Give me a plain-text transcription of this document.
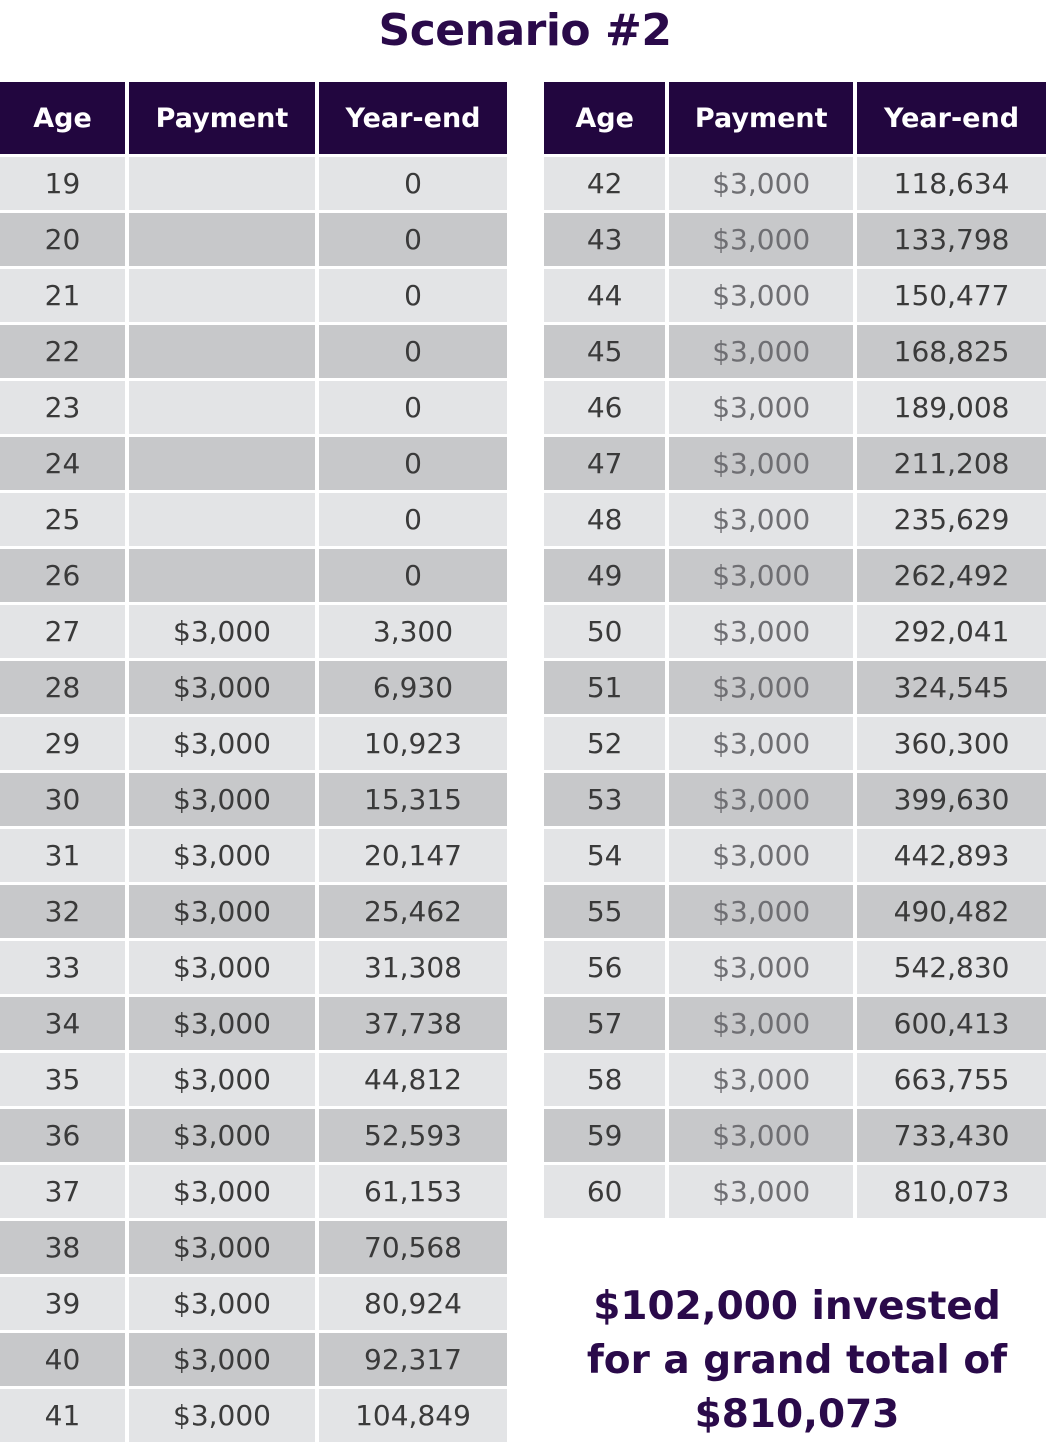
Scenario #2
Age	Payment	Year-end
19		0
20		0
21		0
22		0
23		0
24		0
25		0
26		0
27	$3,000	3,300
28	$3,000	6,930
29	$3,000	10,923
30	$3,000	15,315
31	$3,000	20,147
32	$3,000	25,462
33	$3,000	31,308
34	$3,000	37,738
35	$3,000	44,812
36	$3,000	52,593
37	$3,000	61,153
38	$3,000	70,568
39	$3,000	80,924
40	$3,000	92,317
41	$3,000	104,849
Age	Payment	Year-end
42	$3,000	118,634
43	$3,000	133,798
44	$3,000	150,477
45	$3,000	168,825
46	$3,000	189,008
47	$3,000	211,208
48	$3,000	235,629
49	$3,000	262,492
50	$3,000	292,041
51	$3,000	324,545
52	$3,000	360,300
53	$3,000	399,630
54	$3,000	442,893
55	$3,000	490,482
56	$3,000	542,830
57	$3,000	600,413
58	$3,000	663,755
59	$3,000	733,430
60	$3,000	810,073
$102,000 invested
for a grand total of
$810,073
